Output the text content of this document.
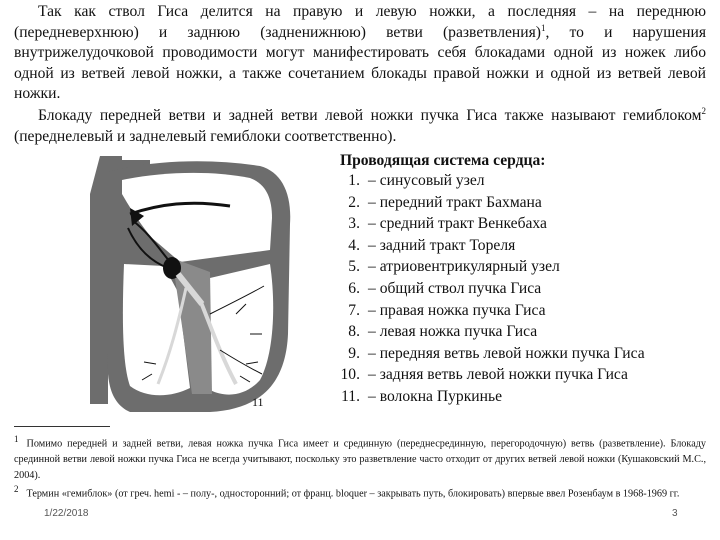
Так как ствол Гиса делится на правую и левую ножки, а последняя – на переднюю (передневерхнюю) и заднюю (задненижнюю) ветви (разветвления)$^1$, то и нарушения внутрижелудочковой проводимости могут манифестировать себя блокадами одной из ножек либо одной из ветвей левой ножки, а также сочетанием блокады правой ножки и одной из ветвей левой ножки.

Блокаду передней ветви и задней ветви левой ножки пучка Гиса также называют гемиблоком$^2$ (переднелевый и заднелевый гемиблоки соответственно).

11
Проводящая система сердца:
1. – синусовый узел
2. – передний тракт Бахмана
3. – средний тракт Венкебаха
4. – задний тракт Тореля
5. – атриовентрикулярный узел
6. – общий ствол пучка Гиса
7. – правая ножка пучка Гиса
8. – левая ножка пучка Гиса
9. – передняя ветвь левой ножки пучка Гиса
10. – задняя ветвь левой ножки пучка Гиса
11. – волокна Пуркинье

1 Помимо передней и задней ветви, левая ножка пучка Гиса имеет и срединную (переднесрединную, перегородочную) ветвь (разветвление). Блокаду срединной ветви левой ножки пучка Гиса не всегда учитывают, поскольку это разветвление часто отходит от других ветвей левой ножки (Кушаковский М.С., 2004).

2 Термин «гемиблок» (от греч. hemi - – полу-, односторонний; от франц. bloquer – закрывать путь, блокировать) впервые ввел Розенбаум в 1968-1969 гг.

1/22/2018	3
